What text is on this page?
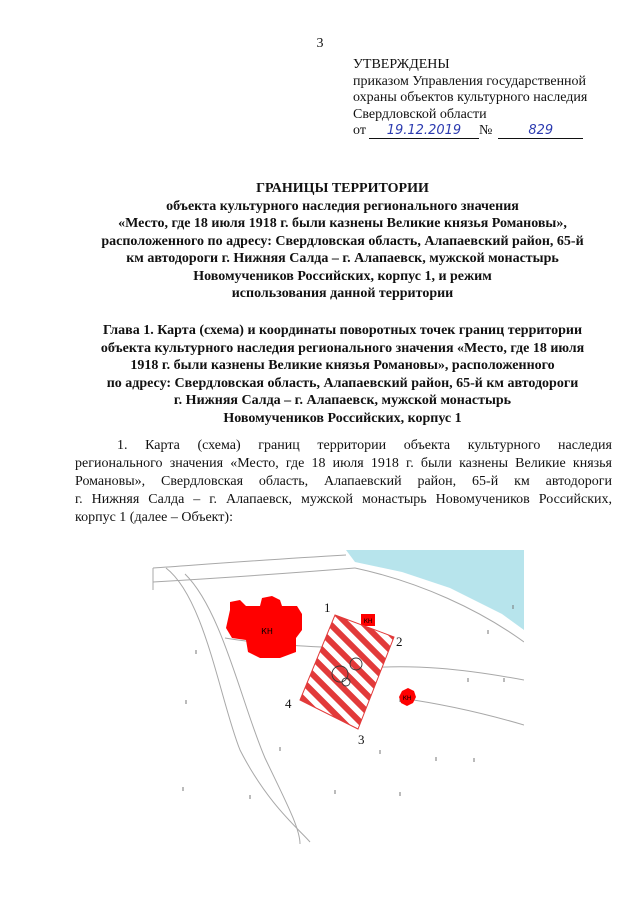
3
УТВЕРЖДЕНЫ
приказом Управления государственной
охраны объектов культурного наследия
Свердловской области
от	19.12.2019	№	829
ГРАНИЦЫ ТЕРРИТОРИИ
объекта культурного наследия регионального значения
«Место, где 18 июля 1918 г. были казнены Великие князья Романовы»,
расположенного по адресу: Свердловская область, Алапаевский район, 65-й
км автодороги г. Нижняя Салда – г. Алапаевск, мужской монастырь
Новомучеников Российских, корпус 1, и режим
использования данной территории
Глава 1. Карта (схема) и координаты поворотных точек границ территории
объекта культурного наследия регионального значения «Место, где 18 июля
1918 г. были казнены Великие князья Романовы», расположенного
по адресу: Свердловская область, Алапаевский район, 65-й км автодороги
г. Нижняя Салда – г. Алапаевск, мужской монастырь
Новомучеников Российских, корпус 1
1. Карта (схема) границ территории объекта культурного наследия
регионального значения «Место, где 18 июля 1918 г. были казнены Великие князья
Романовы», Свердловская область, Алапаевский район, 65-й км автодороги
г. Нижняя Салда – г. Алапаевск, мужской монастырь Новомучеников Российских,
корпус 1 (далее – Объект):
КН
КН
КН
1
2
3
4
